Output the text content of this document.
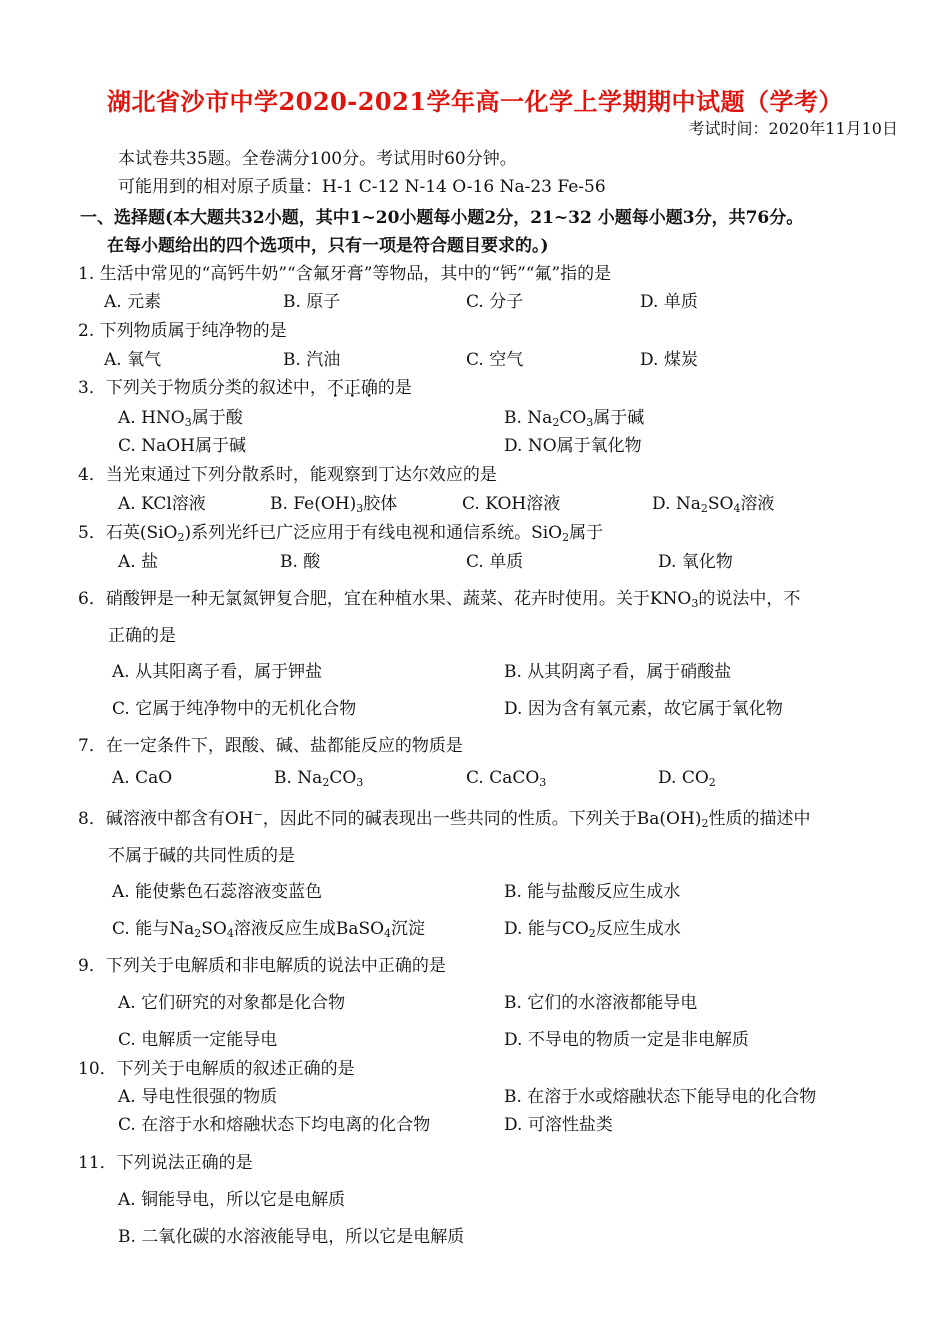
湖北省沙市中学2020-2021学年高一化学上学期期中试题（学考）
考试时间：2020年11月10日
本试卷共35题。全卷满分100分。考试用时60分钟。
可能用到的相对原子质量：H-1 C-12 N-14 O-16 Na-23 Fe-56
一、选择题(本大题共32小题，其中1~20小题每小题2分，21~32 小题每小题3分，共76分。
在每小题给出的四个选项中，只有一项是符合题目要求的。)
1. 生活中常见的“高钙牛奶”“含氟牙膏”等物品，其中的“钙”“氟”指的是
A. 元素	B. 原子	C. 分子	D. 单质
2. 下列物质属于纯净物的是
A. 氧气	B. 汽油	C. 空气	D. 煤炭
3．下列关于物质分类的叙述中，不正确的是
A. $HNO_3$属于酸	B. $Na_2CO_3$属于碱
C. NaOH属于碱	D. NO属于氧化物
4．当光束通过下列分散系时，能观察到丁达尔效应的是
A. KCl溶液	B. $Fe(OH)_3$胶体	C. KOH溶液	D. $Na_2SO_4$溶液
5．石英(SiO$_2$)系列光纤已广泛应用于有线电视和通信系统。SiO$_2$属于
A. 盐	B. 酸	C. 单质	D. 氧化物
6．硝酸钾是一种无氯氮钾复合肥，宜在种植水果、蔬菜、花卉时使用。关于$KNO_3$的说法中，不
正确的是
A. 从其阳离子看，属于钾盐	B. 从其阴离子看，属于硝酸盐
C. 它属于纯净物中的无机化合物	D. 因为含有氧元素，故它属于氧化物
7．在一定条件下，跟酸、碱、盐都能反应的物质是
A. CaO	B. $Na_2CO_3$	C. CaCO$_3$	D. $CO_2$
8．碱溶液中都含有OH−，因此不同的碱表现出一些共同的性质。下列关于$Ba(OH)_2$性质的描述中
不属于碱的共同性质的是
A. 能使紫色石蕊溶液变蓝色	B. 能与盐酸反应生成水
C. 能与$Na_2SO_4$溶液反应生成BaSO$_4$沉淀	D. 能与$CO_2$反应生成水
9．下列关于电解质和非电解质的说法中正确的是
A. 它们研究的对象都是化合物	B. 它们的水溶液都能导电
C. 电解质一定能导电	D. 不导电的物质一定是非电解质
10．下列关于电解质的叙述正确的是
A. 导电性很强的物质	B. 在溶于水或熔融状态下能导电的化合物
C. 在溶于水和熔融状态下均电离的化合物	D. 可溶性盐类
11．下列说法正确的是
A. 铜能导电，所以它是电解质
B. 二氧化碳的水溶液能导电，所以它是电解质
